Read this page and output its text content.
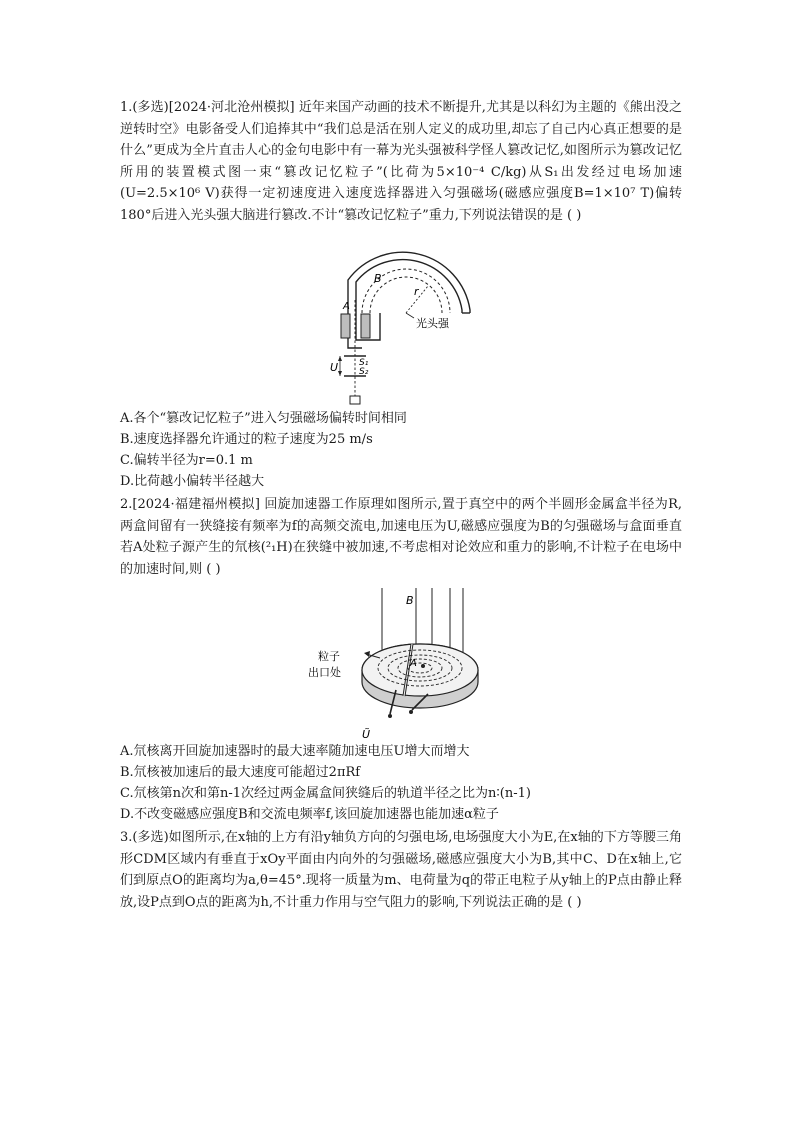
1.(多选)[2024·河北沧州模拟] 近年来国产动画的技术不断提升,尤其是以科幻为主题的《熊出没之逆转时空》电影备受人们追捧其中“我们总是活在别人定义的成功里,却忘了自己内心真正想要的是什么”更成为全片直击人心的金句电影中有一幕为光头强被科学怪人篡改记忆,如图所示为篡改记忆所用的装置模式图一束“篡改记忆粒子”(比荷为5×10⁻⁴ C/kg)从S₁出发经过电场加速(U=2.5×10⁶ V)获得一定初速度进入速度选择器进入匀强磁场(磁感应强度B=1×10⁷ T)偏转180°后进入光头强大脑进行篡改.不计“篡改记忆粒子”重力,下列说法错误的是 ( )

B
r
A
光头强
U S₁
S₂

A.各个“篡改记忆粒子”进入匀强磁场偏转时间相同

B.速度选择器允许通过的粒子速度为25 m/s

C.偏转半径为r=0.1 m

D.比荷越小偏转半径越大

2.[2024·福建福州模拟] 回旋加速器工作原理如图所示,置于真空中的两个半圆形金属盒半径为R,两盒间留有一狭缝接有频率为f的高频交流电,加速电压为U,磁感应强度为B的匀强磁场与盒面垂直若A处粒子源产生的氘核(²₁H)在狭缝中被加速,不考虑相对论效应和重力的影响,不计粒子在电场中的加速时间,则 ( )

B
A
粒子
出口处
Ũ

A.氘核离开回旋加速器时的最大速率随加速电压U增大而增大

B.氘核被加速后的最大速度可能超过2πRf

C.氘核第n次和第n-1次经过两金属盒间狭缝后的轨道半径之比为n∶(n-1)

D.不改变磁感应强度B和交流电频率f,该回旋加速器也能加速α粒子

3.(多选)如图所示,在x轴的上方有沿y轴负方向的匀强电场,电场强度大小为E,在x轴的下方等腰三角形CDM区域内有垂直于xOy平面由内向外的匀强磁场,磁感应强度大小为B,其中C、D在x轴上,它们到原点O的距离均为a,θ=45°.现将一质量为m、电荷量为q的带正电粒子从y轴上的P点由静止释放,设P点到O点的距离为h,不计重力作用与空气阻力的影响,下列说法正确的是 ( )
